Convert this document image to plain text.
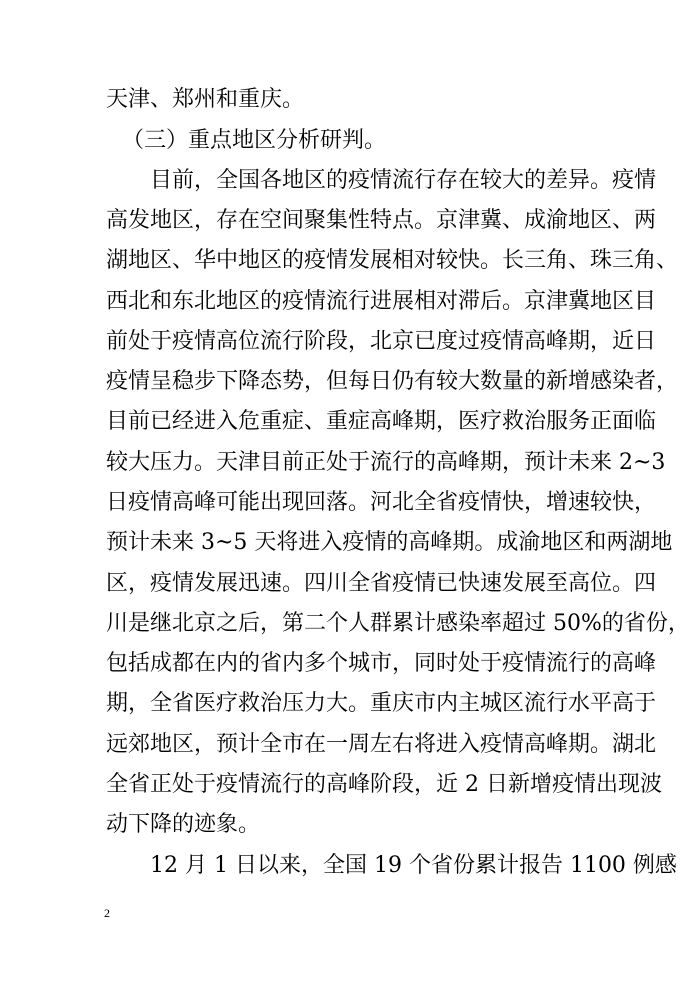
天津、郑州和重庆。
（三）重点地区分析研判。
目前，全国各地区的疫情流行存在较大的差异。疫情
高发地区，存在空间聚集性特点。京津冀、成渝地区、两
湖地区、华中地区的疫情发展相对较快。长三角、珠三角、
西北和东北地区的疫情流行进展相对滞后。京津冀地区目
前处于疫情高位流行阶段，北京已度过疫情高峰期，近日
疫情呈稳步下降态势，但每日仍有较大数量的新增感染者，
目前已经进入危重症、重症高峰期，医疗救治服务正面临
较大压力。天津目前正处于流行的高峰期，预计未来 2~3
日疫情高峰可能出现回落。河北全省疫情快，增速较快，
预计未来 3~5 天将进入疫情的高峰期。成渝地区和两湖地
区，疫情发展迅速。四川全省疫情已快速发展至高位。四
川是继北京之后，第二个人群累计感染率超过 50%的省份，
包括成都在内的省内多个城市，同时处于疫情流行的高峰
期，全省医疗救治压力大。重庆市内主城区流行水平高于
远郊地区，预计全市在一周左右将进入疫情高峰期。湖北
全省正处于疫情流行的高峰阶段，近 2 日新增疫情出现波
动下降的迹象。
12 月 1 日以来，全国 19 个省份累计报告 1100 例感
2
